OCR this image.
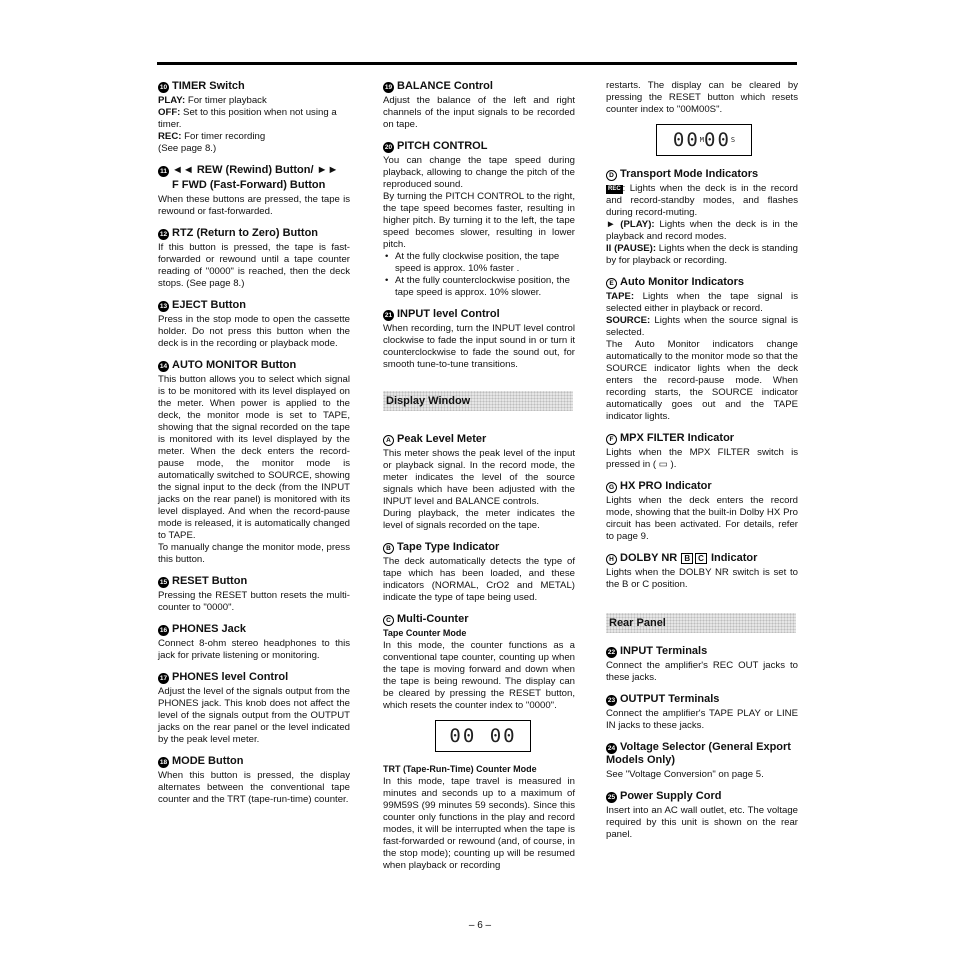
10 TIMER Switch
PLAY: For timer playback
OFF: Set to this position when not using a timer.
REC: For timer recording
(See page 8.)
11 ◄◄ REW (Rewind) Button/ ►►
F FWD (Fast-Forward) Button

When these buttons are pressed, the tape is rewound or fast-forwarded.

12 RTZ (Return to Zero) Button

If this button is pressed, the tape is fast-forwarded or rewound until a tape counter reading of "0000" is reached, then the deck stops. (See page 8.)

13 EJECT Button

Press in the stop mode to open the cassette holder. Do not press this button when the deck is in the recording or playback mode.

14 AUTO MONITOR Button

This button allows you to select which signal is to be monitored with its level displayed on the meter. When power is applied to the deck, the monitor mode is set to TAPE, showing that the signal recorded on the tape is monitored with its level displayed by the meter. When the deck enters the record-pause mode, the monitor mode is automatically switched to SOURCE, showing the signal input to the deck (from the INPUT jacks on the rear panel) is monitored with its level displayed. And when the record-pause mode is released, it is automatically changed to TAPE.

To manually change the monitor mode, press this button.

15 RESET Button

Pressing the RESET button resets the multi-counter to "0000".

16 PHONES Jack

Connect 8-ohm stereo headphones to this jack for private listening or monitoring.

17 PHONES level Control

Adjust the level of the signals output from the PHONES jack. This knob does not affect the level of the signals output from the OUTPUT jacks on the rear panel or the level indicated by the peak level meter.

18 MODE Button

When this button is pressed, the display alternates between the conventional tape counter and the TRT (tape-run-time) counter.

19 BALANCE Control

Adjust the balance of the left and right channels of the input signals to be recorded on tape.

20 PITCH CONTROL

You can change the tape speed during playback, allowing to change the pitch of the reproduced sound.

By turning the PITCH CONTROL to the right, the tape speed becomes faster, resulting in higher pitch. By turning it to the left, the tape speed becomes slower, resulting in lower pitch.

• At the fully clockwise position, the tape speed is approx. 10% faster .
• At the fully counterclockwise position, the tape speed is approx. 10% slower.
21 INPUT level Control

When recording, turn the INPUT level control clockwise to fade the input sound in or turn it counterclockwise to fade the sound out, for smooth tune-to-tune transitions.

Display Window
A Peak Level Meter

This meter shows the peak level of the input or playback signal. In the record mode, the meter indicates the level of the source signals which have been adjusted with the INPUT level and BALANCE controls.

During playback, the meter indicates the level of signals recorded on the tape.

B Tape Type Indicator

The deck automatically detects the type of tape which has been loaded, and these indicators (NORMAL, CrO2 and METAL) indicate the type of tape being used.

C Multi-Counter
Tape Counter Mode

In this mode, the counter functions as a conventional tape counter, counting up when the tape is moving forward and down when the tape is being rewound. The display can be cleared by pressing the RESET button, which resets the counter index to "0000".

00 00
TRT (Tape-Run-Time) Counter Mode

In this mode, tape travel is measured in minutes and seconds up to a maximum of 99M59S (99 minutes 59 seconds). Since this counter only functions in the play and record modes, it will be interrupted when the tape is fast-forwarded or rewound (and, of course, in the stop mode); counting up will be resumed when playback or recording

restarts. The display can be cleared by pressing the RESET button which resets counter index to "00M00S".

00 M 00 S
D Transport Mode Indicators

REC : Lights when the deck is in the record and record-standby modes, and flashes during record-muting.

► (PLAY): Lights when the deck is in the playback and record modes.

II (PAUSE): Lights when the deck is standing by for playback or recording.

E Auto Monitor Indicators

TAPE: Lights when the tape signal is selected either in playback or record.

SOURCE: Lights when the source signal is selected.

The Auto Monitor indicators change automatically to the monitor mode so that the SOURCE indicator lights when the deck enters the record-pause mode. When recording starts, the SOURCE indicator automatically goes out and the TAPE indicator lights.

F MPX FILTER Indicator

Lights when the MPX FILTER switch is pressed in ( ▭ ).

G HX PRO Indicator

Lights when the deck enters the record mode, showing that the built-in Dolby HX Pro circuit has been activated. For details, refer to page 9.

H DOLBY NR B C Indicator

Lights when the DOLBY NR switch is set to the B or C position.

Rear Panel
22 INPUT Terminals

Connect the amplifier's REC OUT jacks to these jacks.

23 OUTPUT Terminals

Connect the amplifier's TAPE PLAY or LINE IN jacks to these jacks.

24 Voltage Selector (General Export Models Only)

See "Voltage Conversion" on page 5.

25 Power Supply Cord

Insert into an AC wall outlet, etc. The voltage required by this unit is shown on the rear panel.

– 6 –
